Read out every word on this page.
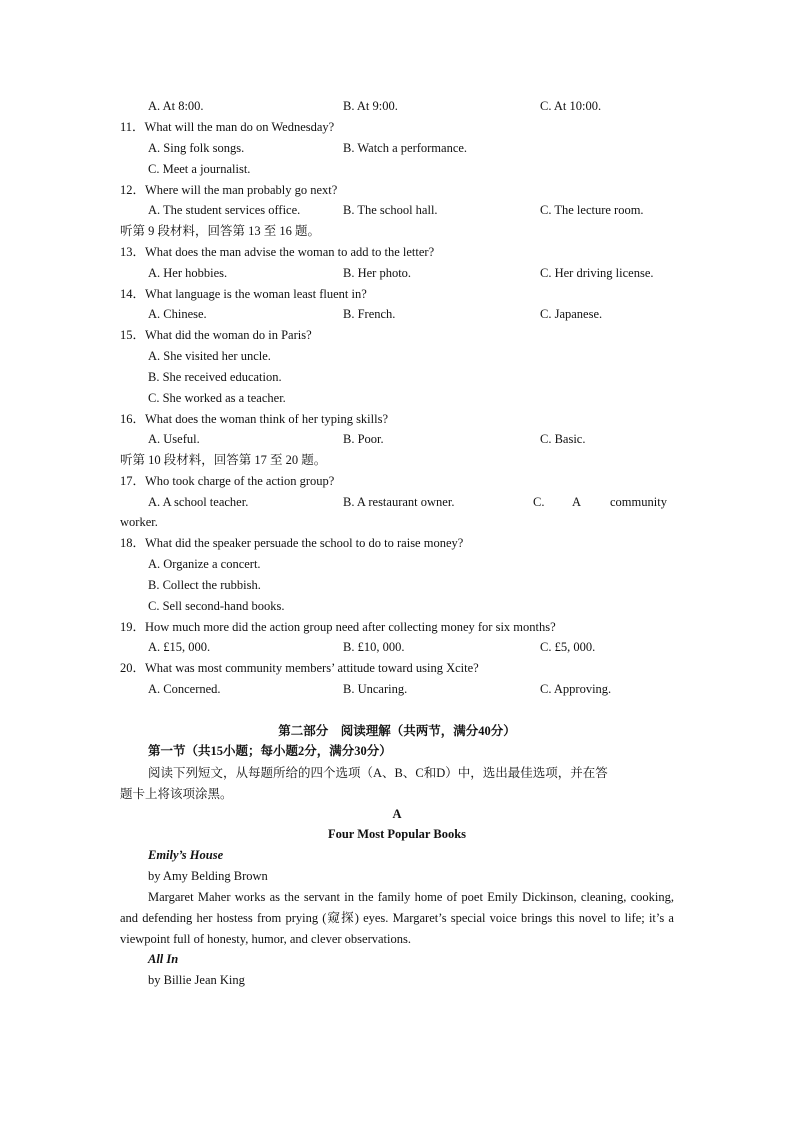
A. At 8:00.	B. At 9:00.	C. At 10:00.
11．What will the man do on Wednesday?
A. Sing folk songs.	B. Watch a performance.
C. Meet a journalist.
12．Where will the man probably go next?
A. The student services office.	B. The school hall.	C. The lecture room.
听第 9 段材料，回答第 13 至 16 题。
13．What does the man advise the woman to add to the letter?
A. Her hobbies.	B. Her photo.	C. Her driving license.
14．What language is the woman least fluent in?
A. Chinese.	B. French.	C. Japanese.
15．What did the woman do in Paris?
A. She visited her uncle.
B. She received education.
C. She worked as a teacher.
16．What does the woman think of her typing skills?
A. Useful.	B. Poor.	C. Basic.
听第 10 段材料，回答第 17 至 20 题。
17．Who took charge of the action group?
A. A school teacher.	B. A restaurant owner.	C. A community
worker.
18．What did the speaker persuade the school to do to raise money?
A. Organize a concert.
B. Collect the rubbish.
C. Sell second-hand books.
19．How much more did the action group need after collecting money for six months?
A. £15, 000.	B. £10, 000.	C. £5, 000.
20．What was most community members’ attitude toward using Xcite?
A. Concerned.	B. Uncaring.	C. Approving.
第二部分　阅读理解（共两节，满分40分）
第一节（共15小题；每小题2分，满分30分）
阅读下列短文，从每题所给的四个选项（A、B、C和D）中，选出最佳选项，并在答
题卡上将该项涂黑。
A
Four Most Popular Books
Emily’s House
by Amy Belding Brown
Margaret Maher works as the servant in the family home of poet Emily Dickinson, cleaning, cooking, and defending her hostess from prying (窥探) eyes. Margaret’s special voice brings this novel to life; it’s a viewpoint full of honesty, humor, and clever observations.
All In
by Billie Jean King
